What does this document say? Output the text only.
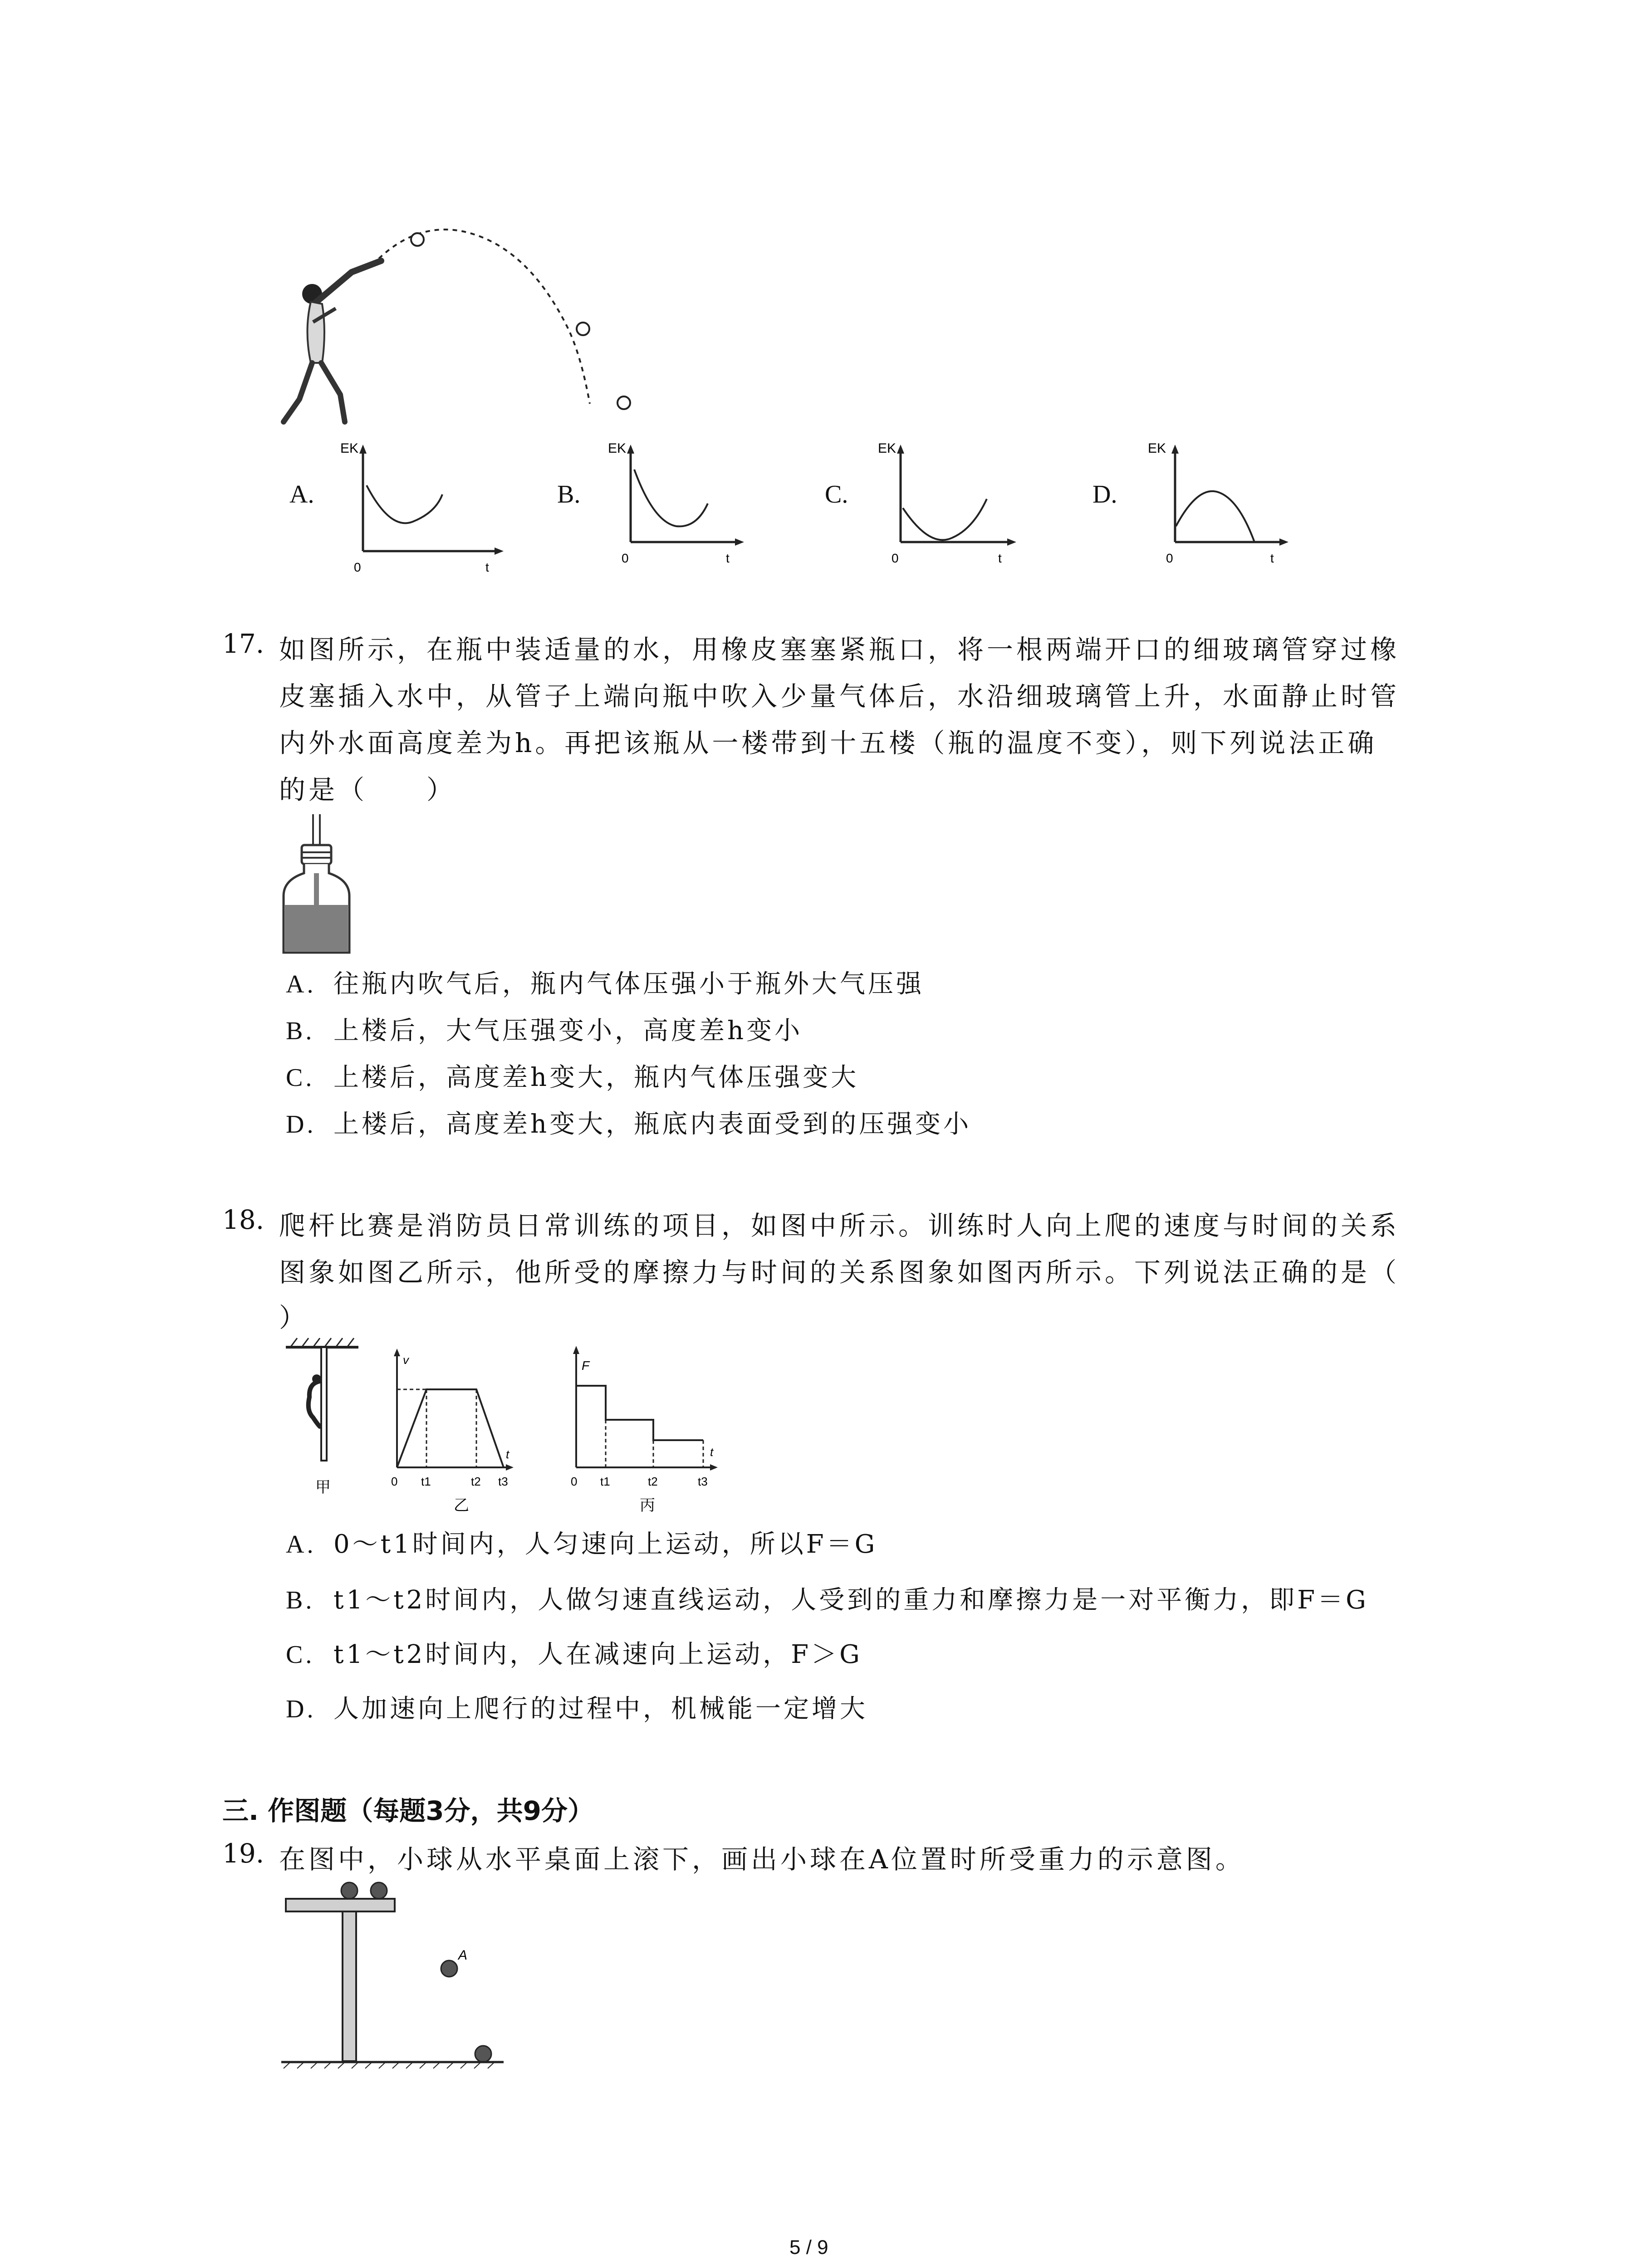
A.
EK
0	t
B.
EK
0	t
C.
EK
0	t
D.
EK
0	t
17. 如图所示，在瓶中装适量的水，用橡皮塞塞紧瓶口，将一根两端开口的细玻璃管穿过橡
皮塞插入水中，从管子上端向瓶中吹入少量气体后，水沿细玻璃管上升，水面静止时管
内外水面高度差为h。再把该瓶从一楼带到十五楼（瓶的温度不变），则下列说法正确
的是（　　）
A. 往瓶内吹气后，瓶内气体压强小于瓶外大气压强
B. 上楼后，大气压强变小，高度差h变小
C. 上楼后，高度差h变大，瓶内气体压强变大
D. 上楼后，高度差h变大，瓶底内表面受到的压强变小
18. 爬杆比赛是消防员日常训练的项目，如图中所示。训练时人向上爬的速度与时间的关系
图象如图乙所示，他所受的摩擦力与时间的关系图象如图丙所示。下列说法正确的是（
）
甲
v
t
0 t1	t2 t3
乙
F
t
0 t1	t2	t3
丙
A. 0～t1时间内，人匀速向上运动，所以F＝G
B. t1～t2时间内，人做匀速直线运动，人受到的重力和摩擦力是一对平衡力，即F＝G
C. t1～t2时间内，人在减速向上运动，F＞G
D. 人加速向上爬行的过程中，机械能一定增大
三. 作图题（每题3分，共9分）
19. 在图中，小球从水平桌面上滚下，画出小球在A位置时所受重力的示意图。
A
5 / 9
